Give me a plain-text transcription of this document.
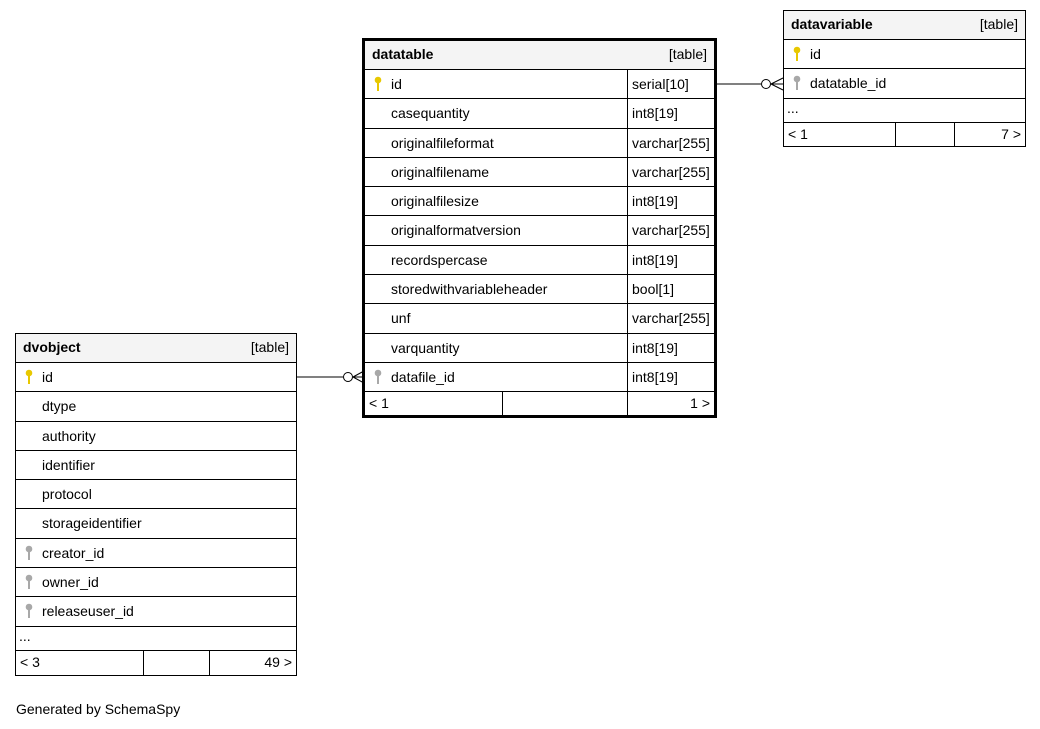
datatable	[table]
id	serial[10]
casequantity	int8[19]
originalfileformat	varchar[255]
originalfilename	varchar[255]
originalfilesize	int8[19]
originalformatversion	varchar[255]
recordspercase	int8[19]
storedwithvariableheader	bool[1]
unf	varchar[255]
varquantity	int8[19]
datafile_id	int8[19]
< 1	1 >
datavariable	[table]
id
datatable_id
...
< 1	7 >
dvobject	[table]
id
dtype
authority
identifier
protocol
storageidentifier
creator_id
owner_id
releaseuser_id
...
< 3	49 >
Generated by SchemaSpy
